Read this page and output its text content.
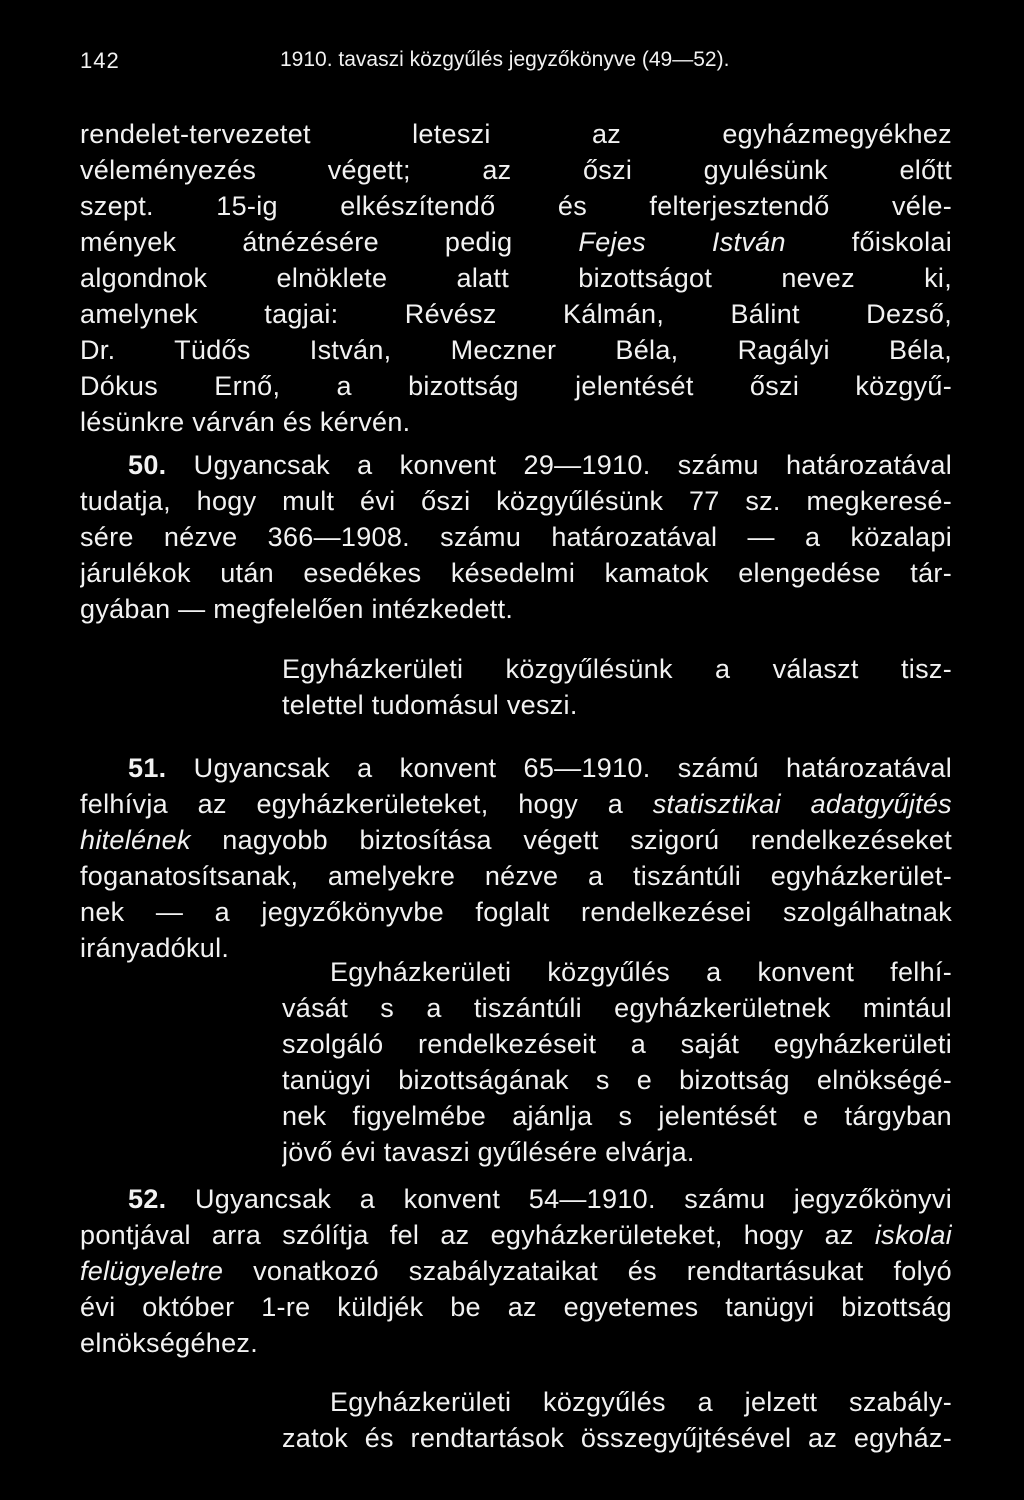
142	1910. tavaszi közgyűlés jegyzőkönyve (49—52).
rendelet-tervezetet leteszi az egyházmegyékhez
véleményezés végett; az őszi gyulésünk előtt
szept. 15-ig elkészítendő és felterjesztendő véle-
mények átnézésére pedig Fejes István főiskolai
algondnok elnöklete alatt bizottságot nevez ki,
amelynek tagjai: Révész Kálmán, Bálint Dezső,
Dr. Tüdős István, Meczner Béla, Ragályi Béla,
Dókus Ernő, a bizottság jelentését őszi közgyű-
lésünkre várván és kérvén.
50. Ugyancsak a konvent 29—1910. számu határozatával
tudatja, hogy mult évi őszi közgyűlésünk 77 sz. megkeresé-
sére nézve 366—1908. számu határozatával — a közalapi
járulékok után esedékes késedelmi kamatok elengedése tár-
gyában — megfelelően intézkedett.
Egyházkerületi közgyűlésünk a választ tisz-
telettel tudomásul veszi.
51. Ugyancsak a konvent 65—1910. számú határozatával
felhívja az egyházkerületeket, hogy a statisztikai adatgyűjtés
hitelének nagyobb biztosítása végett szigorú rendelkezéseket
foganatosítsanak, amelyekre nézve a tiszántúli egyházkerület-
nek — a jegyzőkönyvbe foglalt rendelkezései szolgálhatnak
irányadókul.
Egyházkerületi közgyűlés a konvent felhí-
vását s a tiszántúli egyházkerületnek mintául
szolgáló rendelkezéseit a saját egyházkerületi
tanügyi bizottságának s e bizottság elnökségé-
nek figyelmébe ajánlja s jelentését e tárgyban
jövő évi tavaszi gyűlésére elvárja.
52. Ugyancsak a konvent 54—1910. számu jegyzőkönyvi
pontjával arra szólítja fel az egyházkerületeket, hogy az iskolai
felügyeletre vonatkozó szabályzataikat és rendtartásukat folyó
évi október 1-re küldjék be az egyetemes tanügyi bizottság
elnökségéhez.
Egyházkerületi közgyűlés a jelzett szabály-
zatok és rendtartások összegyűjtésével az egyház-
